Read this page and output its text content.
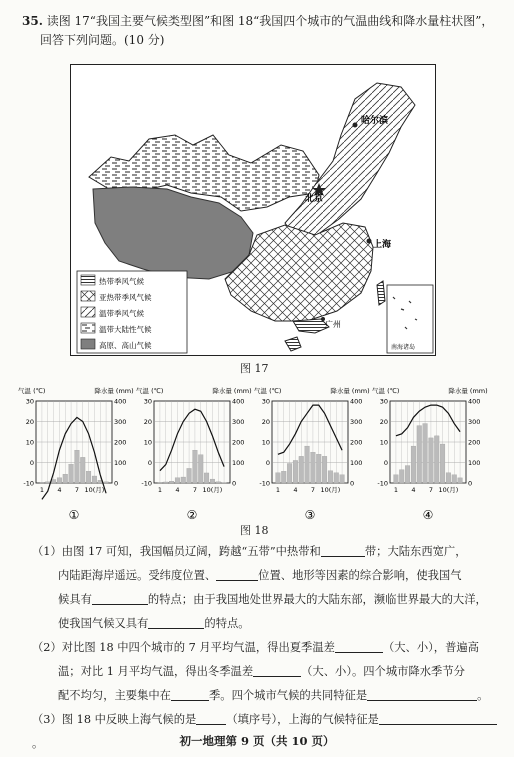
35. 读图 17“我国主要气候类型图”和图 18“我国四个城市的气温曲线和降水量柱状图”，
回答下列问题。(10 分)
哈尔滨
北京
上海
广州
南海诸岛
热带季风气候
亚热带季风气候
温带季风气候
温带大陆性气候
高原、高山气候
图 17
气温 (℃)	降水量 (mm)
30
20
10
0
-10
400
300
200
100
0
1 4 7 10(月)
①
气温 (℃)	降水量 (mm)
30
20
10
0
-10
400
300
200
100
0
1 4 7 10(月)
②
气温 (℃)	降水量 (mm)
30
20
10
0
-10
400
300
200
100
0
1 4 7 10(月)
③
气温 (℃)	降水量 (mm)
30
20
10
0
-10
400
300
200
100
0
1 4 7 10(月)
④
图 18

（1）由图 17 可知，我国幅员辽阔，跨越“五带”中热带和	带；大陆东西宽广，

内陆距海岸遥远。受纬度位置、	位置、地形等因素的综合影响，使我国气

候具有	的特点；由于我国地处世界最大的大陆东部，濒临世界最大的大洋，

使我国气候又具有	的特点。

（2）对比图 18 中四个城市的 7 月平均气温，得出夏季温差	（大、小），普遍高

温；对比 1 月平均气温，得出冬季温差	（大、小）。四个城市降水季节分

配不均匀，主要集中在	季。四个城市气候的共同特征是	。

（3）图 18 中反映上海气候的是	（填序号），上海的气候特征是。	初一地理第 9 页（共 10 页）
